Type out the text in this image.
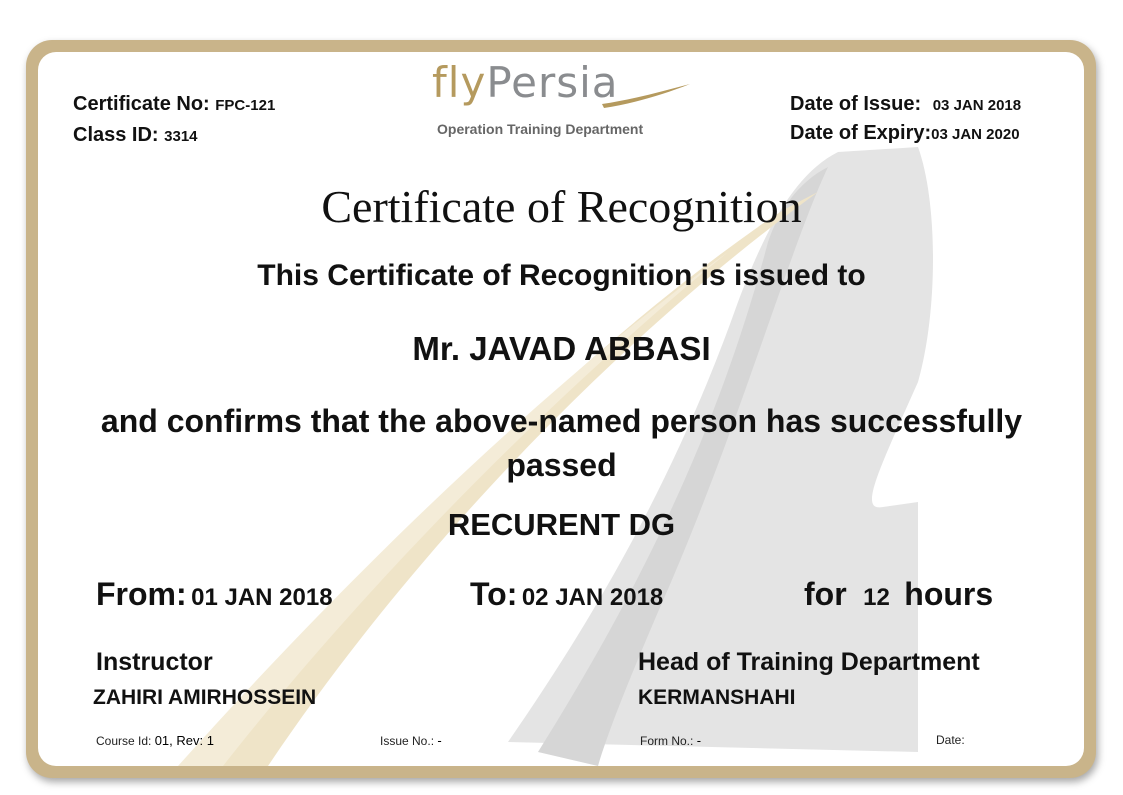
Certificate No: FPC-121
Class ID: 3314
flyPersia
Operation Training Department
Date of Issue: 03 JAN 2018
Date of Expiry:03 JAN 2020
Certificate of Recognition
This Certificate of Recognition is issued to
Mr. JAVAD ABBASI
and confirms that the above-named person has successfully passed
RECURENT DG
From: 01 JAN 2018	To: 02 JAN 2018	for 12 hours
Instructor
ZAHIRI AMIRHOSSEIN
Head of Training Department
KERMANSHAHI
Course Id: 01, Rev: 1	Issue No.: -	Form No.: -	Date:
